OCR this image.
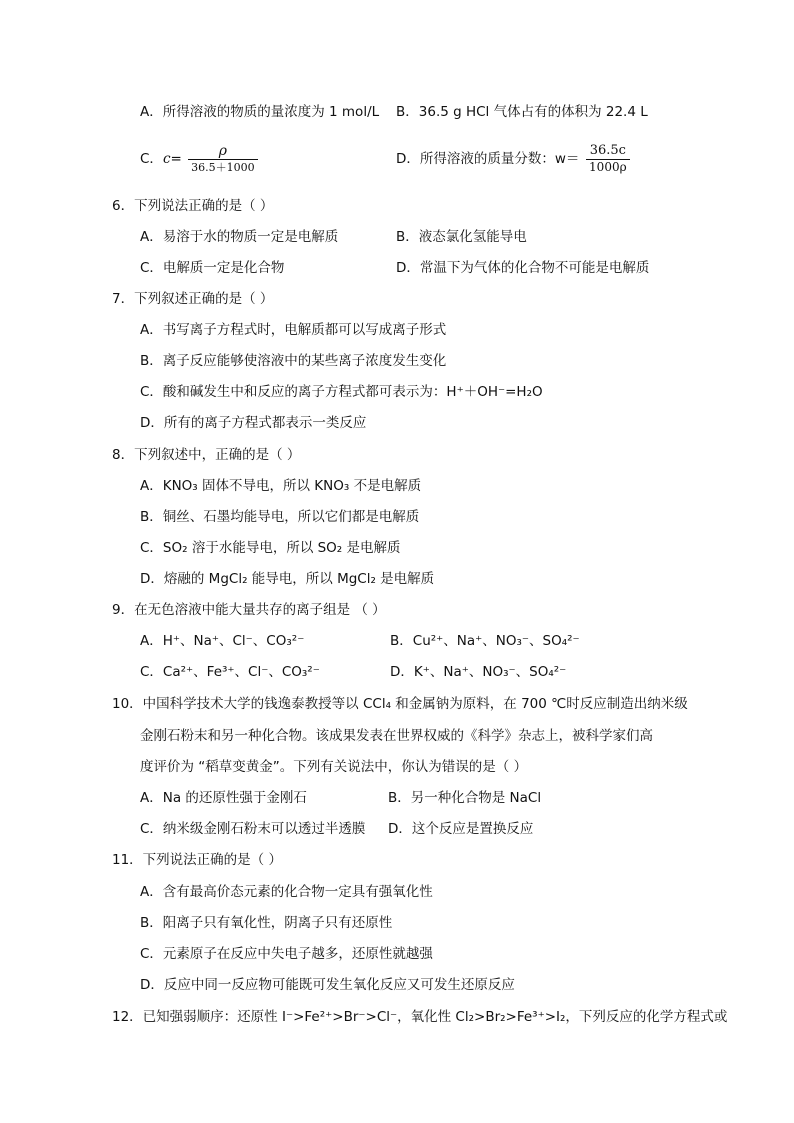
A．所得溶液的物质的量浓度为 1 mol/L B．36.5 g HCl 气体占有的体积为 22.4 L
C．$c= \frac{\rho}{36.5+1000}$	D．所得溶液的质量分数：$w= \frac{36.5c}{1000\rho}$
6．下列说法正确的是（ ）
A．易溶于水的物质一定是电解质	B．液态氯化氢能导电
C．电解质一定是化合物	D．常温下为气体的化合物不可能是电解质
7．下列叙述正确的是（ ）
A．书写离子方程式时，电解质都可以写成离子形式
B．离子反应能够使溶液中的某些离子浓度发生变化
C．酸和碱发生中和反应的离子方程式都可表示为：H⁺＋OH⁻=H₂O
D．所有的离子方程式都表示一类反应
8．下列叙述中，正确的是（ ）
A．KNO₃ 固体不导电，所以 KNO₃ 不是电解质
B．铜丝、石墨均能导电，所以它们都是电解质
C．SO₂ 溶于水能导电，所以 SO₂ 是电解质
D．熔融的 MgCl₂ 能导电，所以 MgCl₂ 是电解质
9．在无色溶液中能大量共存的离子组是 （ ）
A．H⁺、Na⁺、Cl⁻、CO₃²⁻	B．Cu²⁺、Na⁺、NO₃⁻、SO₄²⁻
C．Ca²⁺、Fe³⁺、Cl⁻、CO₃²⁻	D．K⁺、Na⁺、NO₃⁻、SO₄²⁻
10．中国科学技术大学的钱逸泰教授等以 CCl₄ 和金属钠为原料，在 700 ℃时反应制造出纳米级
金刚石粉末和另一种化合物。该成果发表在世界权威的《科学》杂志上，被科学家们高
度评价为 “稻草变黄金”。下列有关说法中，你认为错误的是（ ）
A．Na 的还原性强于金刚石	B．另一种化合物是 NaCl
C．纳米级金刚石粉末可以透过半透膜 D．这个反应是置换反应
11．下列说法正确的是（ ）
A．含有最高价态元素的化合物一定具有强氧化性
B．阳离子只有氧化性，阴离子只有还原性
C．元素原子在反应中失电子越多，还原性就越强
D．反应中同一反应物可能既可发生氧化反应又可发生还原反应
12．已知强弱顺序：还原性 I⁻>Fe²⁺>Br⁻>Cl⁻，氧化性 Cl₂>Br₂>Fe³⁺>I₂，下列反应的化学方程式或
